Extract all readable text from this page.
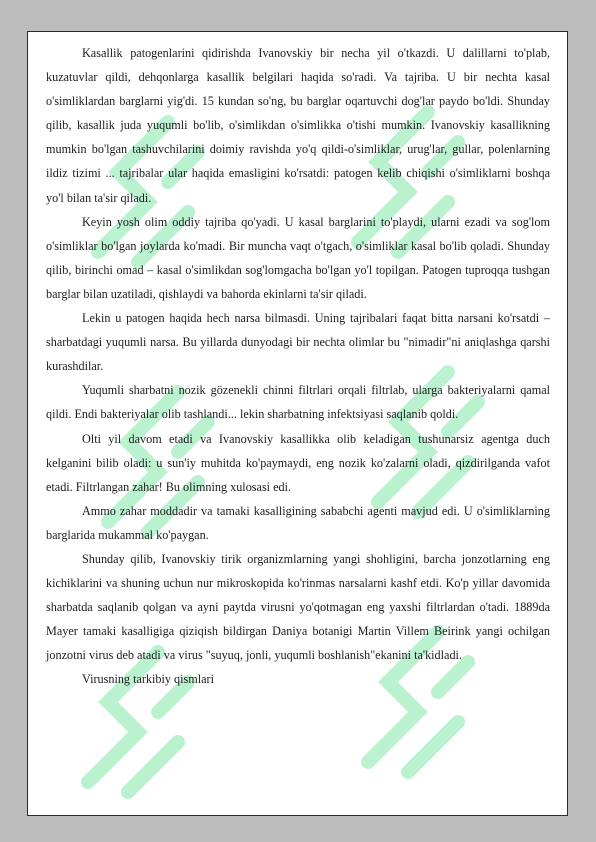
Kasallik patogenlarini qidirishda Ivanovskiy bir necha yil o'tkazdi. U dalillarni to'plab, kuzatuvlar qildi, dehqonlarga kasallik belgilari haqida so'radi. Va tajriba. U bir nechta kasal o'simliklardan barglarni yig'di. 15 kundan so'ng, bu barglar oqartuvchi dog'lar paydo bo'ldi. Shunday qilib, kasallik juda yuqumli bo'lib, o'simlikdan o'simlikka o'tishi mumkin. Ivanovskiy kasallikning mumkin bo'lgan tashuvchilarini doimiy ravishda yo'q qildi-o'simliklar, urug'lar, gullar, polenlarning ildiz tizimi ... tajribalar ular haqida emasligini ko'rsatdi: patogen kelib chiqishi o'simliklarni boshqa yo'l bilan ta'sir qiladi.

Keyin yosh olim oddiy tajriba qo'yadi. U kasal barglarini to'playdi, ularni ezadi va sog'lom o'simliklar bo'lgan joylarda ko'madi. Bir muncha vaqt o'tgach, o'simliklar kasal bo'lib qoladi. Shunday qilib, birinchi omad – kasal o'simlikdan sog'lomgacha bo'lgan yo'l topilgan. Patogen tuproqqa tushgan barglar bilan uzatiladi, qishlaydi va bahorda ekinlarni ta'sir qiladi.

Lekin u patogen haqida hech narsa bilmasdi. Uning tajribalari faqat bitta narsani ko'rsatdi – sharbatdagi yuqumli narsa. Bu yillarda dunyodagi bir nechta olimlar bu "nimadir"ni aniqlashga qarshi kurashdilar.

Yuqumli sharbatni nozik gözenekli chinni filtrlari orqali filtrlab, ularga bakteriyalarni qamal qildi. Endi bakteriyalar olib tashlandi... lekin sharbatning infektsiyasi saqlanib qoldi.

Olti yil davom etadi va Ivanovskiy kasallikka olib keladigan tushunarsiz agentga duch kelganini bilib oladi: u sun'iy muhitda ko'paymaydi, eng nozik ko'zalarni oladi, qizdirilganda vafot etadi. Filtrlangan zahar! Bu olimning xulosasi edi.

Ammo zahar moddadir va tamaki kasalligining sababchi agenti mavjud edi. U o'simliklarning barglarida mukammal ko'paygan.

Shunday qilib, Ivanovskiy tirik organizmlarning yangi shohligini, barcha jonzotlarning eng kichiklarini va shuning uchun nur mikroskopida ko'rinmas narsalarni kashf etdi. Ko'p yillar davomida sharbatda saqlanib qolgan va ayni paytda virusni yo'qotmagan eng yaxshi filtrlardan o'tadi. 1889da Mayer tamaki kasalligiga qiziqish bildirgan Daniya botanigi Martin Villem Beirink yangi ochilgan jonzotni virus deb atadi va virus "suyuq, jonli, yuqumli boshlanish"ekanini ta'kidladi.

Virusning tarkibiy qismlari
